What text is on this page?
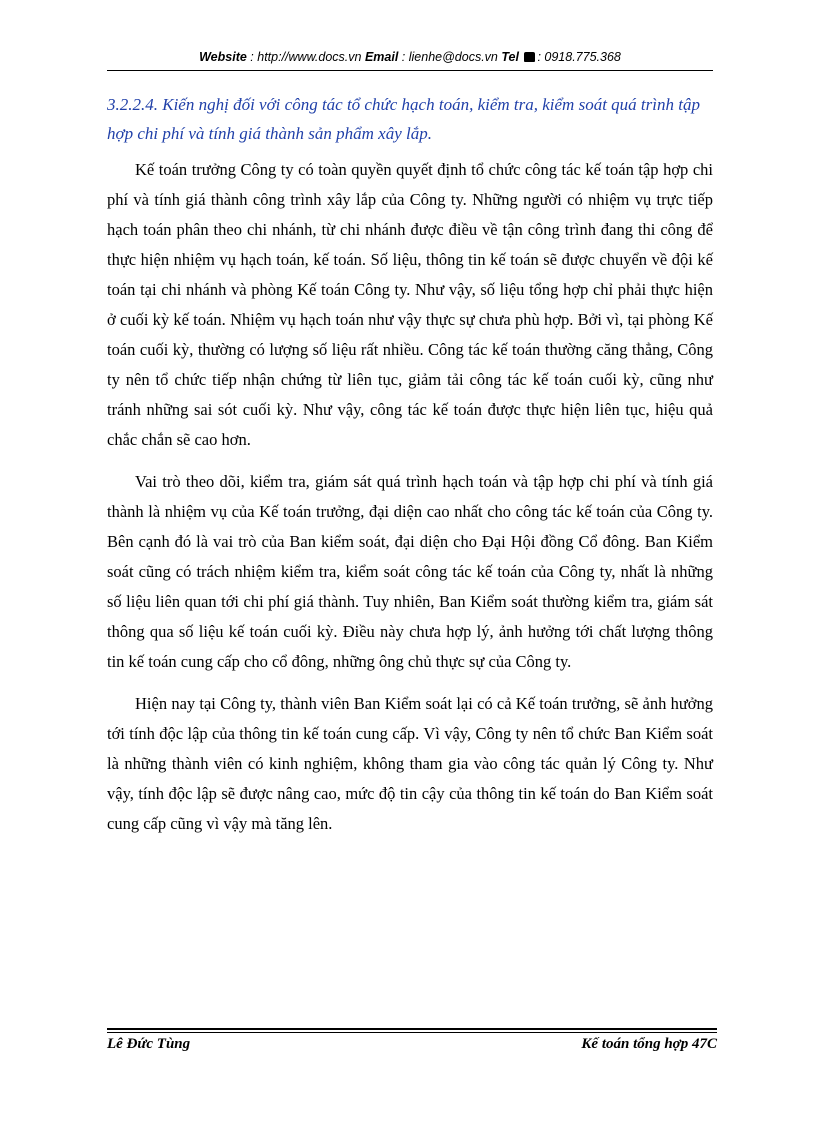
Website : http://www.docs.vn Email : lienhe@docs.vn Tel : 0918.775.368
3.2.2.4. Kiến nghị đối với công tác tổ chức hạch toán, kiểm tra, kiểm soát quá trình tập hợp chi phí và tính giá thành sản phẩm xây lắp.

Kế toán trưởng Công ty có toàn quyền quyết định tổ chức công tác kế toán tập hợp chi phí và tính giá thành công trình xây lắp của Công ty. Những người có nhiệm vụ trực tiếp hạch toán phân theo chi nhánh, từ chi nhánh được điều về tận công trình đang thi công để thực hiện nhiệm vụ hạch toán, kế toán. Số liệu, thông tin kế toán sẽ được chuyển về đội kế toán tại chi nhánh và phòng Kế toán Công ty. Như vậy, số liệu tổng hợp chỉ phải thực hiện ở cuối kỳ kế toán. Nhiệm vụ hạch toán như vậy thực sự chưa phù hợp. Bởi vì, tại phòng Kế toán cuối kỳ, thường có lượng số liệu rất nhiều. Công tác kế toán thường căng thẳng, Công ty nên tổ chức tiếp nhận chứng từ liên tục, giảm tải công tác kế toán cuối kỳ, cũng như tránh những sai sót cuối kỳ. Như vậy, công tác kế toán được thực hiện liên tục, hiệu quả chắc chắn sẽ cao hơn.

Vai trò theo dõi, kiểm tra, giám sát quá trình hạch toán và tập hợp chi phí và tính giá thành là nhiệm vụ của Kế toán trưởng, đại diện cao nhất cho công tác kế toán của Công ty. Bên cạnh đó là vai trò của Ban kiểm soát, đại diện cho Đại Hội đồng Cổ đông. Ban Kiểm soát cũng có trách nhiệm kiểm tra, kiểm soát công tác kế toán của Công ty, nhất là những số liệu liên quan tới chi phí giá thành. Tuy nhiên, Ban Kiểm soát thường kiểm tra, giám sát thông qua số liệu kế toán cuối kỳ. Điều này chưa hợp lý, ảnh hưởng tới chất lượng thông tin kế toán cung cấp cho cổ đông, những ông chủ thực sự của Công ty.

Hiện nay tại Công ty, thành viên Ban Kiểm soát lại có cả Kế toán trưởng, sẽ ảnh hưởng tới tính độc lập của thông tin kế toán cung cấp. Vì vậy, Công ty nên tổ chức Ban Kiểm soát là những thành viên có kinh nghiệm, không tham gia vào công tác quản lý Công ty. Như vậy, tính độc lập sẽ được nâng cao, mức độ tin cậy của thông tin kế toán do Ban Kiểm soát cung cấp cũng vì vậy mà tăng lên.

Lê Đức Tùng	Kế toán tổng hợp 47C
